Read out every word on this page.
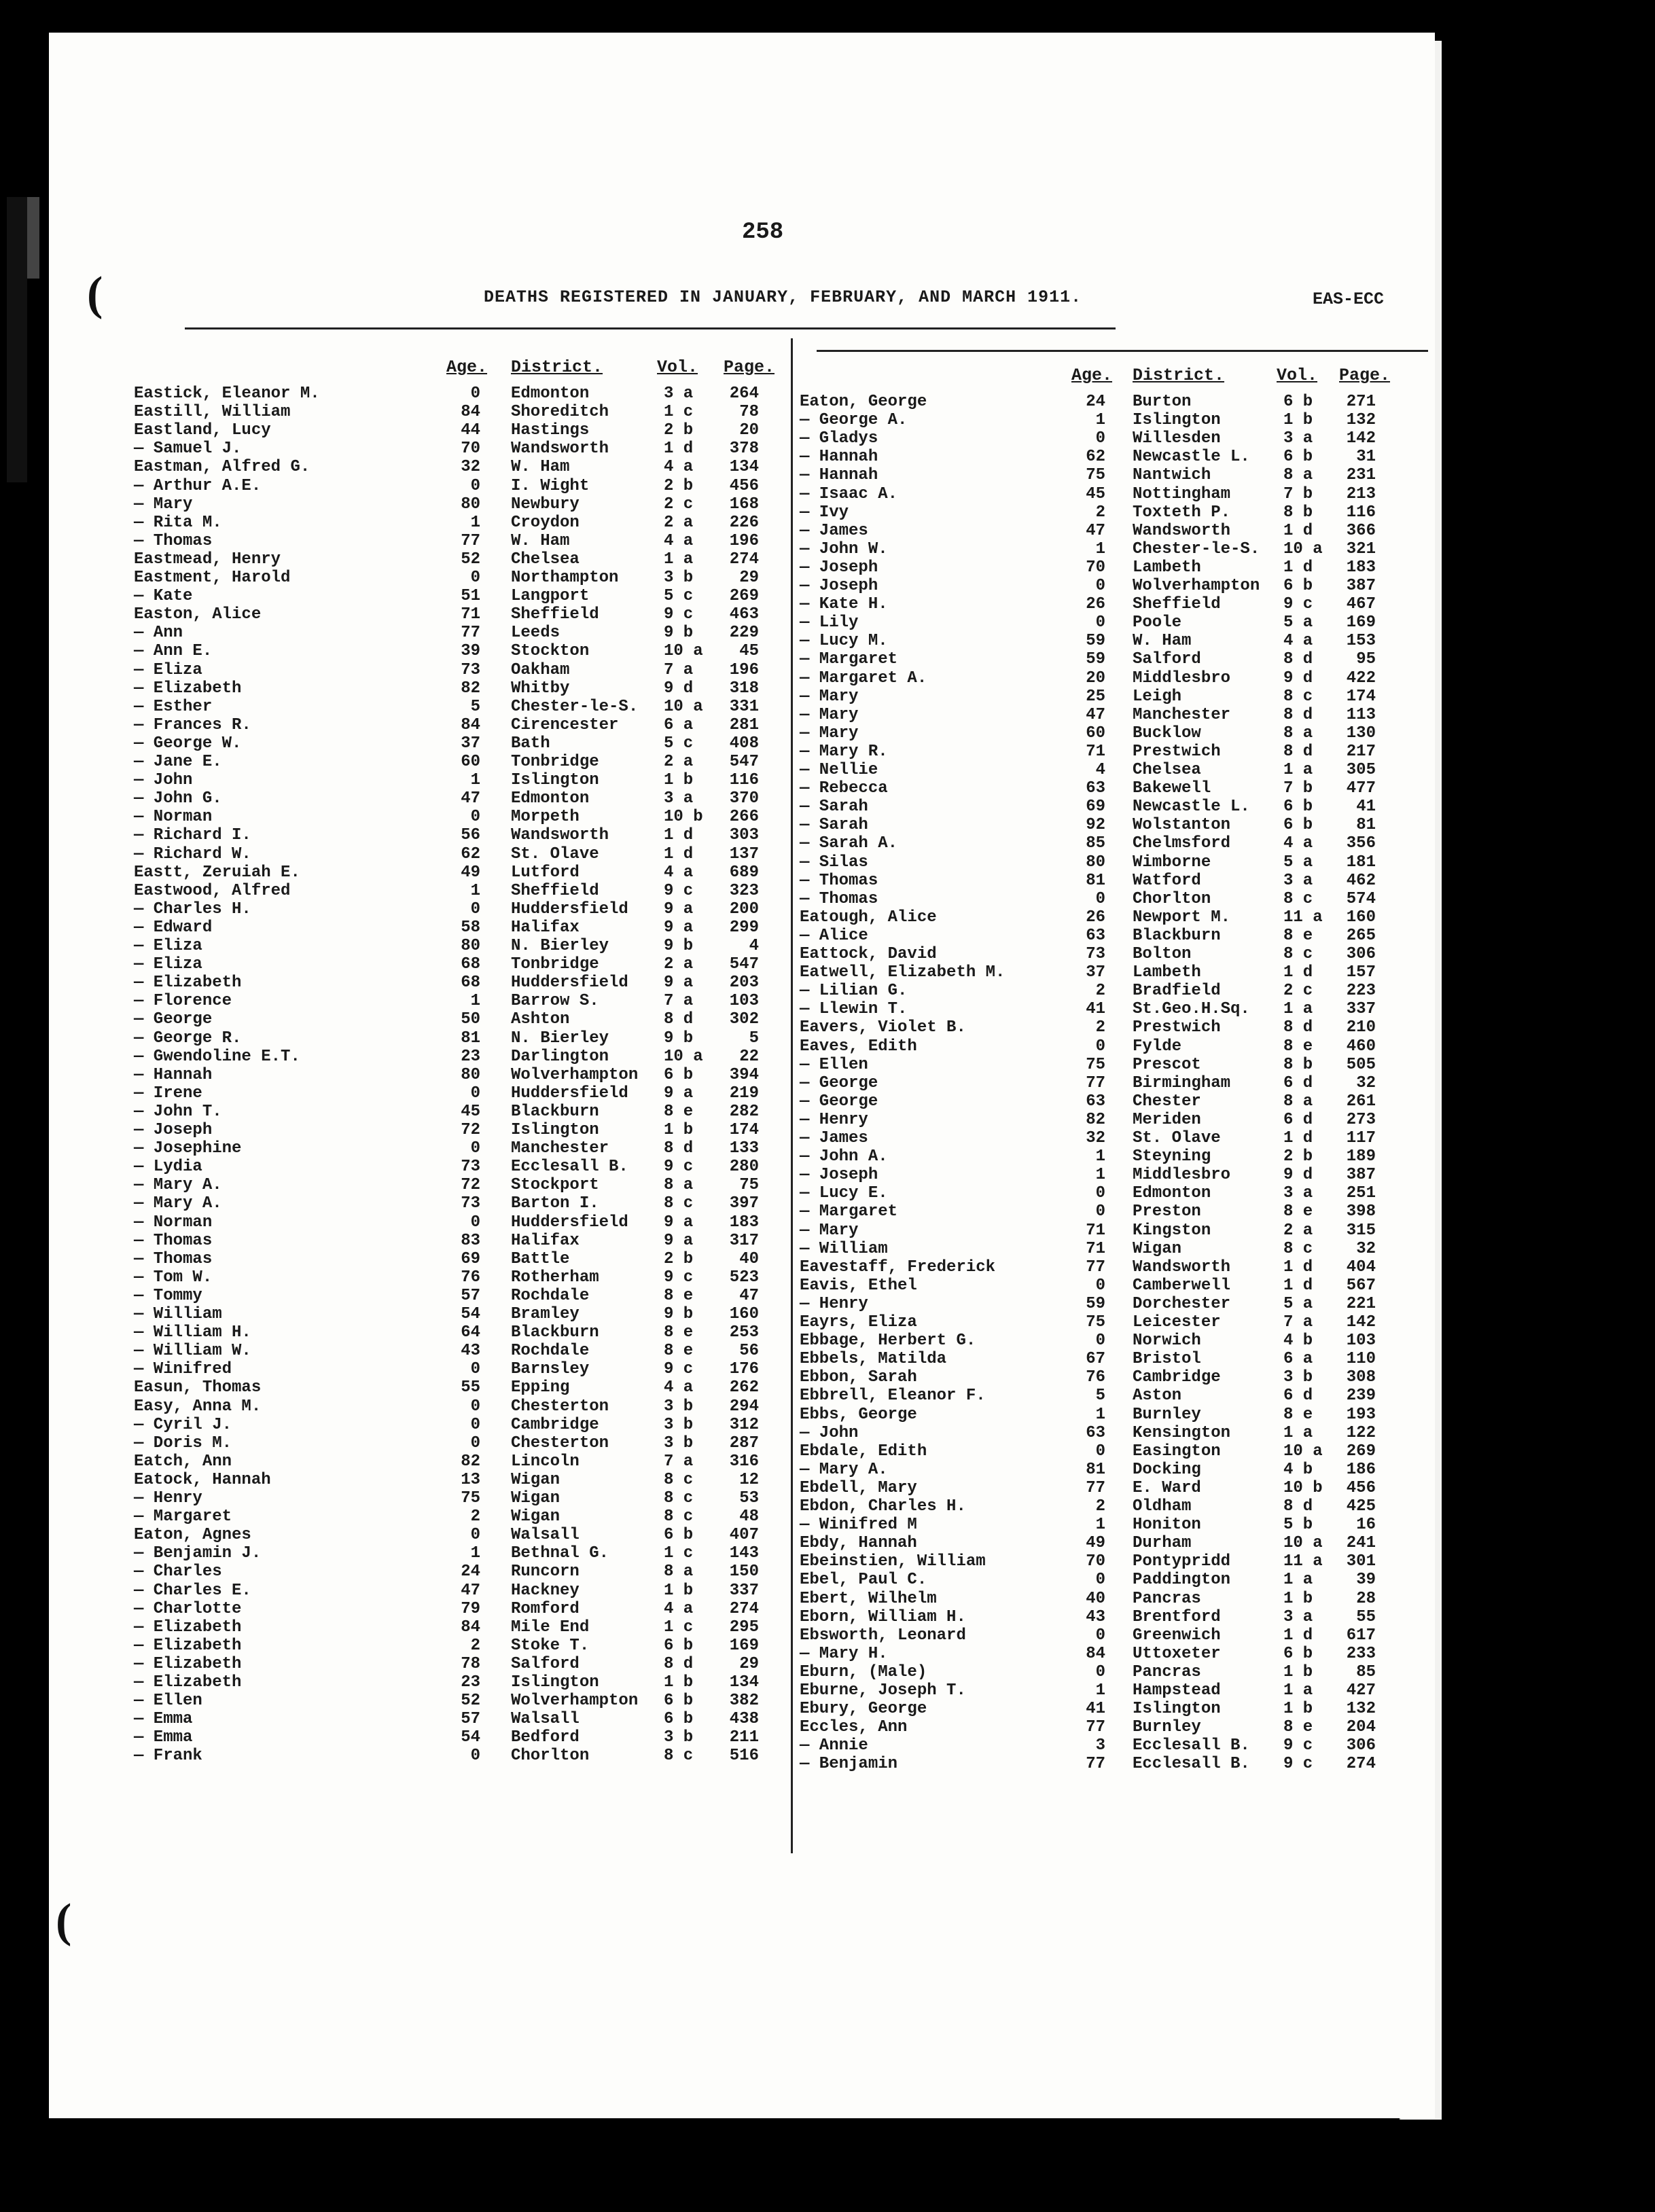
(
(
258
DEATHS REGISTERED IN JANUARY, FEBRUARY, AND MARCH 1911.	EAS-ECC
Age. District.	Vol. Page.
Eastick, Eleanor M.	0 Edmonton	3 a	264
Eastill, William	84 Shoreditch	1 c	78
Eastland, Lucy	44 Hastings	2 b	20
— Samuel J.	70 Wandsworth	1 d	378
Eastman, Alfred G.	32 W. Ham	4 a	134
— Arthur A.E.	0 I. Wight	2 b	456
— Mary	80 Newbury	2 c	168
— Rita M.	1 Croydon	2 a	226
— Thomas	77 W. Ham	4 a	196
Eastmead, Henry	52 Chelsea	1 a	274
Eastment, Harold	0 Northampton	3 b	29
— Kate	51 Langport	5 c	269
Easton, Alice	71 Sheffield	9 c	463
— Ann	77 Leeds	9 b	229
— Ann E.	39 Stockton	10 a	45
— Eliza	73 Oakham	7 a	196
— Elizabeth	82 Whitby	9 d	318
— Esther	5 Chester-le-S. 10 a	331
— Frances R.	84 Cirencester	6 a	281
— George W.	37 Bath	5 c	408
— Jane E.	60 Tonbridge	2 a	547
— John	1 Islington	1 b	116
— John G.	47 Edmonton	3 a	370
— Norman	0 Morpeth	10 b	266
— Richard I.	56 Wandsworth	1 d	303
— Richard W.	62 St. Olave	1 d	137
Eastt, Zeruiah E.	49 Lutford	4 a	689
Eastwood, Alfred	1 Sheffield	9 c	323
— Charles H.	0 Huddersfield 9 a	200
— Edward	58 Halifax	9 a	299
— Eliza	80 N. Bierley	9 b	4
— Eliza	68 Tonbridge	2 a	547
— Elizabeth	68 Huddersfield 9 a	203
— Florence	1 Barrow S.	7 a	103
— George	50 Ashton	8 d	302
— George R.	81 N. Bierley	9 b	5
— Gwendoline E.T.	23 Darlington	10 a	22
— Hannah	80 Wolverhampton 6 b	394
— Irene	0 Huddersfield 9 a	219
— John T.	45 Blackburn	8 e	282
— Joseph	72 Islington	1 b	174
— Josephine	0 Manchester	8 d	133
— Lydia	73 Ecclesall B. 9 c	280
— Mary A.	72 Stockport	8 a	75
— Mary A.	73 Barton I.	8 c	397
— Norman	0 Huddersfield 9 a	183
— Thomas	83 Halifax	9 a	317
— Thomas	69 Battle	2 b	40
— Tom W.	76 Rotherham	9 c	523
— Tommy	57 Rochdale	8 e	47
— William	54 Bramley	9 b	160
— William H.	64 Blackburn	8 e	253
— William W.	43 Rochdale	8 e	56
— Winifred	0 Barnsley	9 c	176
Easun, Thomas	55 Epping	4 a	262
Easy, Anna M.	0 Chesterton	3 b	294
— Cyril J.	0 Cambridge	3 b	312
— Doris M.	0 Chesterton	3 b	287
Eatch, Ann	82 Lincoln	7 a	316
Eatock, Hannah	13 Wigan	8 c	12
— Henry	75 Wigan	8 c	53
— Margaret	2 Wigan	8 c	48
Eaton, Agnes	0 Walsall	6 b	407
— Benjamin J.	1 Bethnal G.	1 c	143
— Charles	24 Runcorn	8 a	150
— Charles E.	47 Hackney	1 b	337
— Charlotte	79 Romford	4 a	274
— Elizabeth	84 Mile End	1 c	295
— Elizabeth	2 Stoke T.	6 b	169
— Elizabeth	78 Salford	8 d	29
— Elizabeth	23 Islington	1 b	134
— Ellen	52 Wolverhampton 6 b	382
— Emma	57 Walsall	6 b	438
— Emma	54 Bedford	3 b	211
— Frank	0 Chorlton	8 c	516
Age. District.	Vol. Page.
Eaton, George	24 Burton	6 b	271
— George A.	1 Islington	1 b	132
— Gladys	0 Willesden	3 a	142
— Hannah	62 Newcastle L. 6 b	31
— Hannah	75 Nantwich	8 a	231
— Isaac A.	45 Nottingham	7 b	213
— Ivy	2 Toxteth P.	8 b	116
— James	47 Wandsworth	1 d	366
— John W.	1 Chester-le-S. 10 a	321
— Joseph	70 Lambeth	1 d	183
— Joseph	0 Wolverhampton 6 b	387
— Kate H.	26 Sheffield	9 c	467
— Lily	0 Poole	5 a	169
— Lucy M.	59 W. Ham	4 a	153
— Margaret	59 Salford	8 d	95
— Margaret A.	20 Middlesbro	9 d	422
— Mary	25 Leigh	8 c	174
— Mary	47 Manchester	8 d	113
— Mary	60 Bucklow	8 a	130
— Mary R.	71 Prestwich	8 d	217
— Nellie	4 Chelsea	1 a	305
— Rebecca	63 Bakewell	7 b	477
— Sarah	69 Newcastle L. 6 b	41
— Sarah	92 Wolstanton	6 b	81
— Sarah A.	85 Chelmsford	4 a	356
— Silas	80 Wimborne	5 a	181
— Thomas	81 Watford	3 a	462
— Thomas	0 Chorlton	8 c	574
Eatough, Alice	26 Newport M.	11 a	160
— Alice	63 Blackburn	8 e	265
Eattock, David	73 Bolton	8 c	306
Eatwell, Elizabeth M.	37 Lambeth	1 d	157
— Lilian G.	2 Bradfield	2 c	223
— Llewin T.	41 St.Geo.H.Sq. 1 a	337
Eavers, Violet B.	2 Prestwich	8 d	210
Eaves, Edith	0 Fylde	8 e	460
— Ellen	75 Prescot	8 b	505
— George	77 Birmingham	6 d	32
— George	63 Chester	8 a	261
— Henry	82 Meriden	6 d	273
— James	32 St. Olave	1 d	117
— John A.	1 Steyning	2 b	189
— Joseph	1 Middlesbro	9 d	387
— Lucy E.	0 Edmonton	3 a	251
— Margaret	0 Preston	8 e	398
— Mary	71 Kingston	2 a	315
— William	71 Wigan	8 c	32
Eavestaff, Frederick	77 Wandsworth	1 d	404
Eavis, Ethel	0 Camberwell	1 d	567
— Henry	59 Dorchester	5 a	221
Eayrs, Eliza	75 Leicester	7 a	142
Ebbage, Herbert G.	0 Norwich	4 b	103
Ebbels, Matilda	67 Bristol	6 a	110
Ebbon, Sarah	76 Cambridge	3 b	308
Ebbrell, Eleanor F.	5 Aston	6 d	239
Ebbs, George	1 Burnley	8 e	193
— John	63 Kensington	1 a	122
Ebdale, Edith	0 Easington	10 a	269
— Mary A.	81 Docking	4 b	186
Ebdell, Mary	77 E. Ward	10 b	456
Ebdon, Charles H.	2 Oldham	8 d	425
— Winifred M	1 Honiton	5 b	16
Ebdy, Hannah	49 Durham	10 a	241
Ebeinstien, William	70 Pontypridd	11 a	301
Ebel, Paul C.	0 Paddington	1 a	39
Ebert, Wilhelm	40 Pancras	1 b	28
Eborn, William H.	43 Brentford	3 a	55
Ebsworth, Leonard	0 Greenwich	1 d	617
— Mary H.	84 Uttoxeter	6 b	233
Eburn, (Male)	0 Pancras	1 b	85
Eburne, Joseph T.	1 Hampstead	1 a	427
Ebury, George	41 Islington	1 b	132
Eccles, Ann	77 Burnley	8 e	204
— Annie	3 Ecclesall B. 9 c	306
— Benjamin	77 Ecclesall B. 9 c	274
